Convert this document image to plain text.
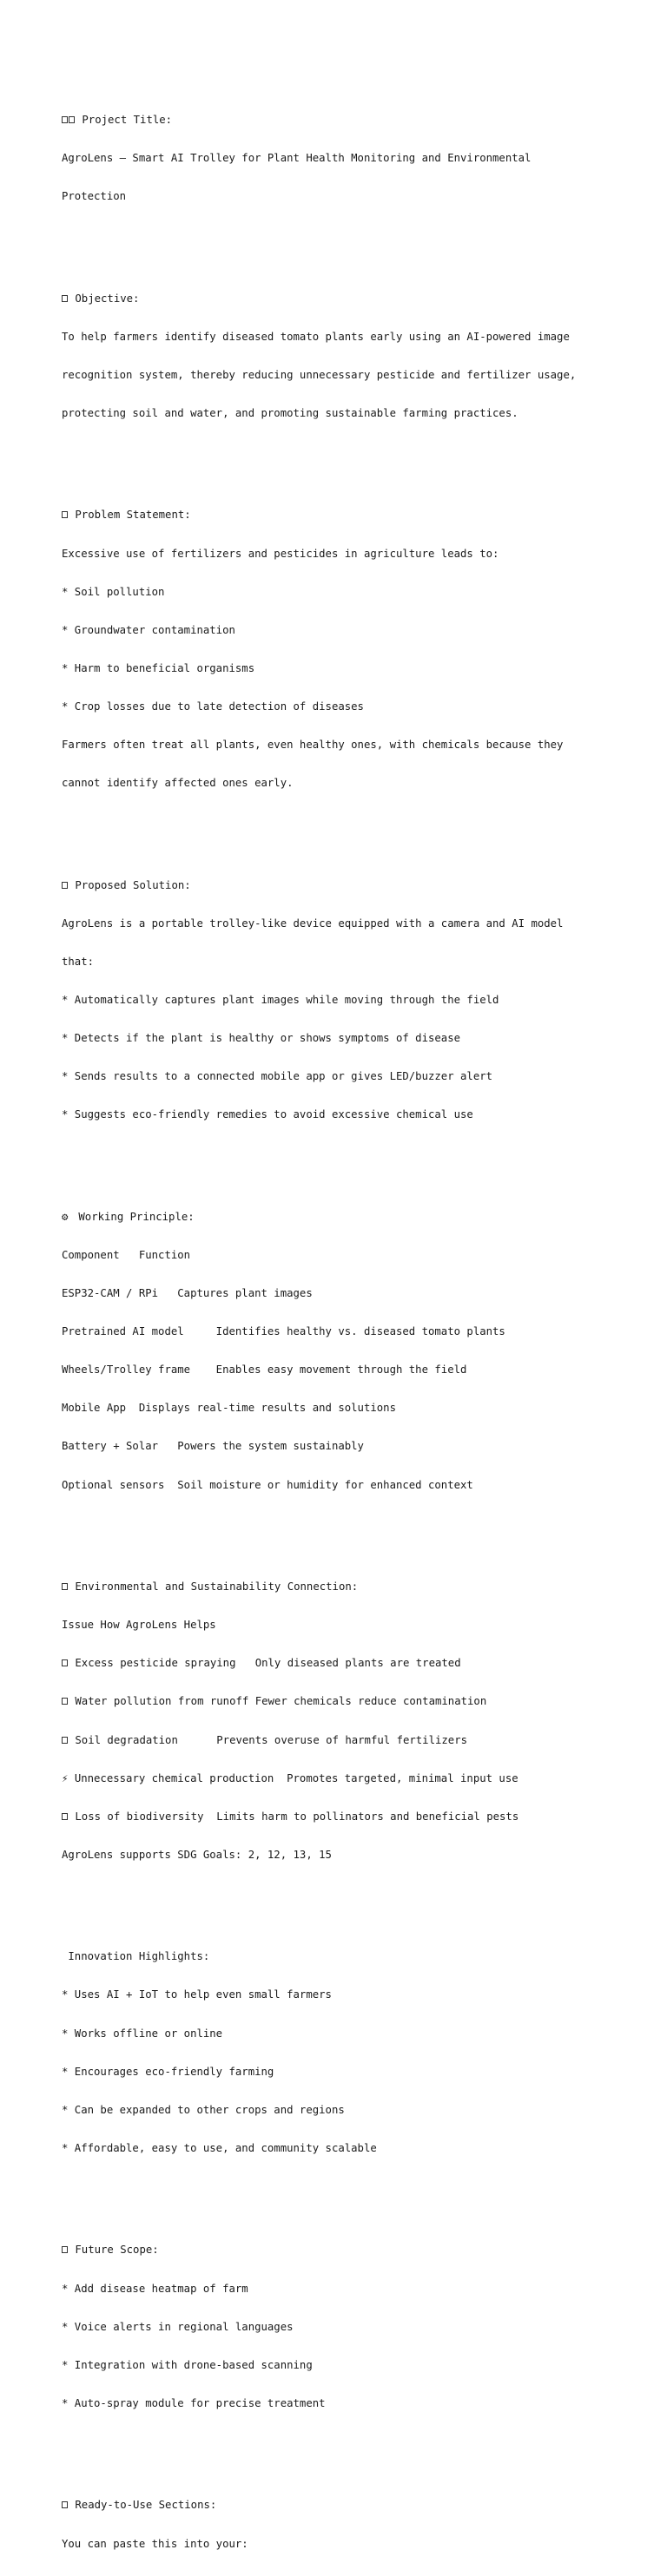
Project Title:

AgroLens – Smart AI Trolley for Plant Health Monitoring and Environmental

Protection

Objective:

To help farmers identify diseased tomato plants early using an AI-powered image

recognition system, thereby reducing unnecessary pesticide and fertilizer usage,

protecting soil and water, and promoting sustainable farming practices.

Problem Statement:

Excessive use of fertilizers and pesticides in agriculture leads to:

* Soil pollution

* Groundwater contamination

* Harm to beneficial organisms

* Crop losses due to late detection of diseases

Farmers often treat all plants, even healthy ones, with chemicals because they

cannot identify affected ones early.

Proposed Solution:

AgroLens is a portable trolley-like device equipped with a camera and AI model

that:

* Automatically captures plant images while moving through the field

* Detects if the plant is healthy or shows symptoms of disease

* Sends results to a connected mobile app or gives LED/buzzer alert

* Suggests eco-friendly remedies to avoid excessive chemical use

⚙ Working Principle:

Component   Function

ESP32-CAM / RPi   Captures plant images

Pretrained AI model     Identifies healthy vs. diseased tomato plants

Wheels/Trolley frame    Enables easy movement through the field

Mobile App  Displays real-time results and solutions

Battery + Solar   Powers the system sustainably

Optional sensors  Soil moisture or humidity for enhanced context

Environmental and Sustainability Connection:

Issue How AgroLens Helps

Excess pesticide spraying   Only diseased plants are treated

Water pollution from runoff Fewer chemicals reduce contamination

Soil degradation      Prevents overuse of harmful fertilizers

⚡ Unnecessary chemical production  Promotes targeted, minimal input use

Loss of biodiversity  Limits harm to pollinators and beneficial pests

AgroLens supports SDG Goals: 2, 12, 13, 15

Innovation Highlights:

* Uses AI + IoT to help even small farmers

* Works offline or online

* Encourages eco-friendly farming

* Can be expanded to other crops and regions

* Affordable, easy to use, and community scalable

Future Scope:

* Add disease heatmap of farm

* Voice alerts in regional languages

* Integration with drone-based scanning

* Auto-spray module for precise treatment

Ready-to-Use Sections:

You can paste this into your:
